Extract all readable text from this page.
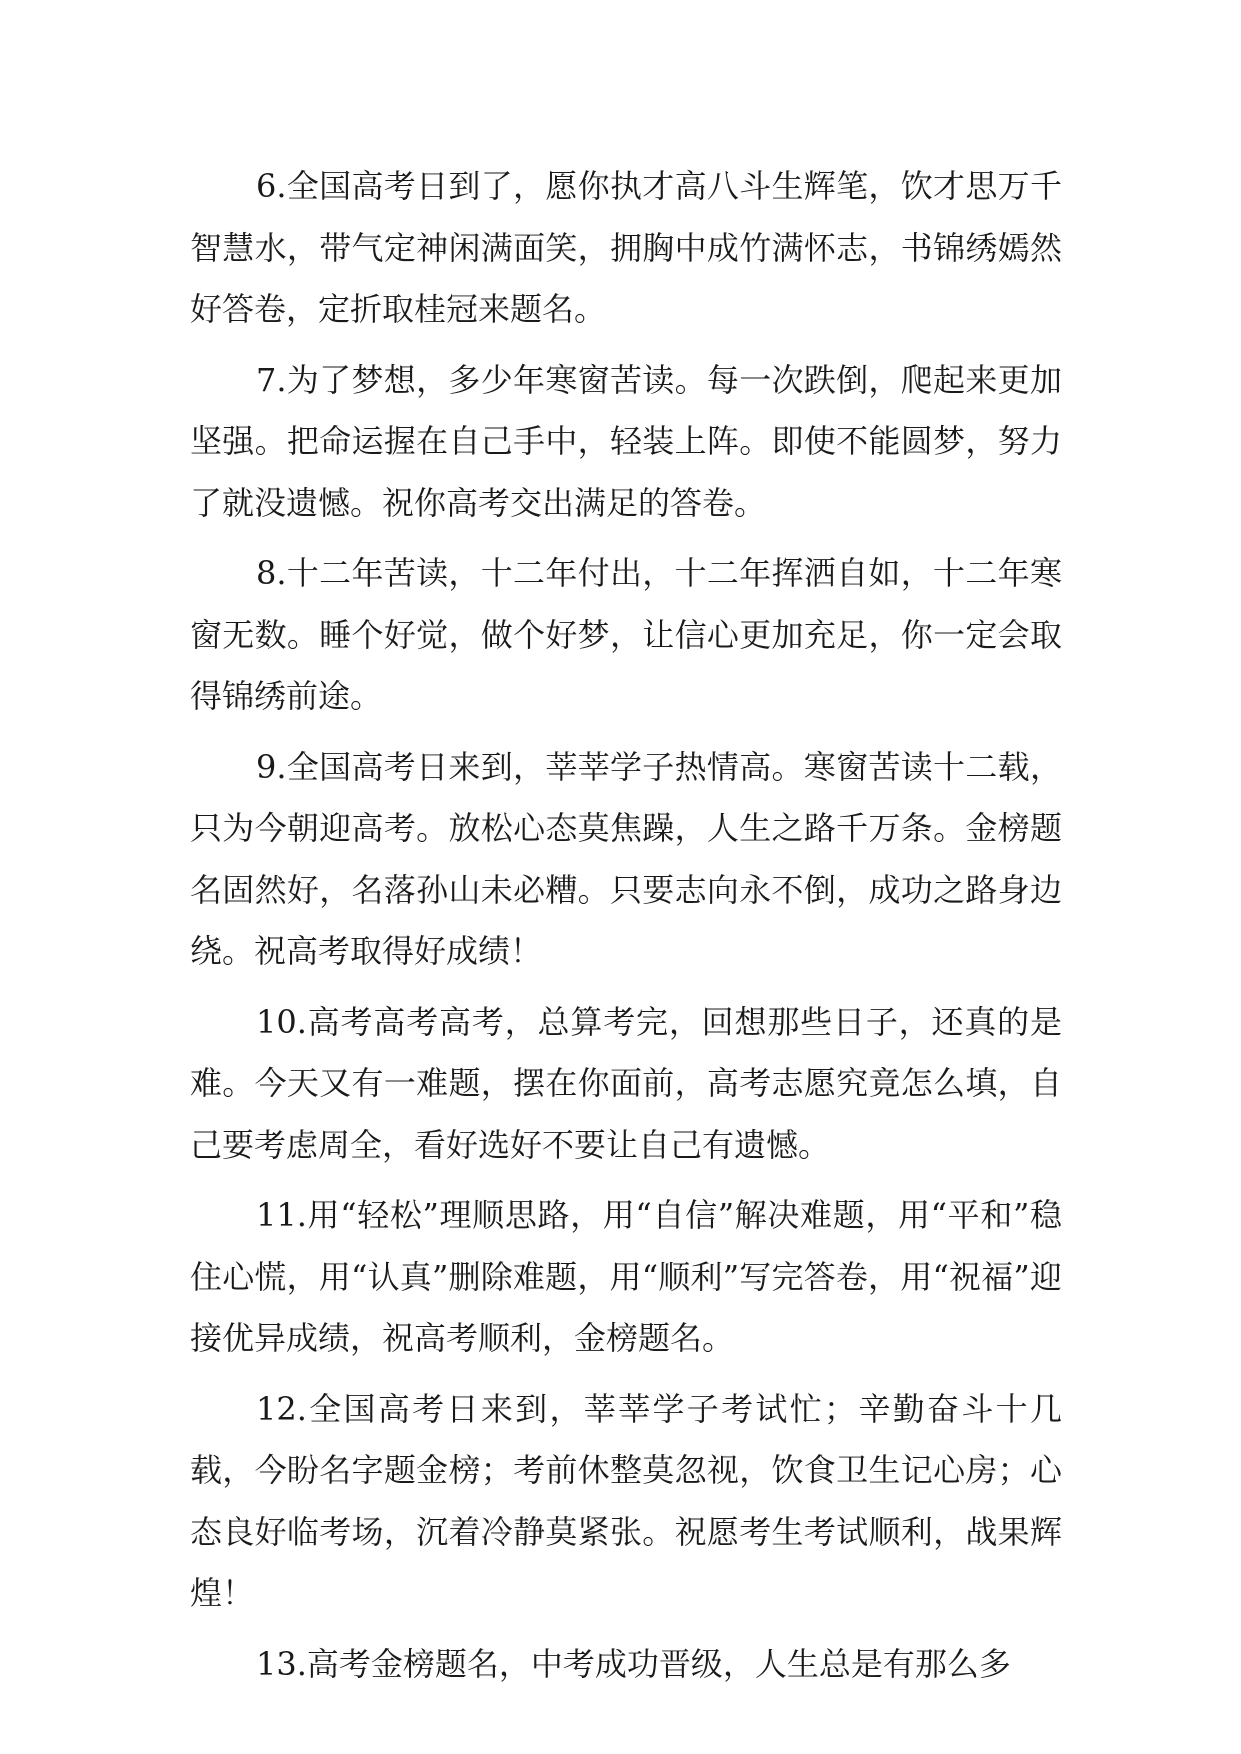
6.全国高考日到了，愿你执才高八斗生辉笔，饮才思万千智慧水，带气定神闲满面笑，拥胸中成竹满怀志，书锦绣嫣然好答卷，定折取桂冠来题名。

7.为了梦想，多少年寒窗苦读。每一次跌倒，爬起来更加坚强。把命运握在自己手中，轻装上阵。即使不能圆梦，努力了就没遗憾。祝你高考交出满足的答卷。

8.十二年苦读，十二年付出，十二年挥洒自如，十二年寒窗无数。睡个好觉，做个好梦，让信心更加充足，你一定会取得锦绣前途。

9.全国高考日来到，莘莘学子热情高。寒窗苦读十二载，只为今朝迎高考。放松心态莫焦躁，人生之路千万条。金榜题名固然好，名落孙山未必糟。只要志向永不倒，成功之路身边绕。祝高考取得好成绩！

10.高考高考高考，总算考完，回想那些日子，还真的是难。今天又有一难题，摆在你面前，高考志愿究竟怎么填，自己要考虑周全，看好选好不要让自己有遗憾。

11.用“轻松”理顺思路，用“自信”解决难题，用“平和”稳住心慌，用“认真”删除难题，用“顺利”写完答卷，用“祝福”迎接优异成绩，祝高考顺利，金榜题名。

12.全国高考日来到，莘莘学子考试忙；辛勤奋斗十几载，今盼名字题金榜；考前休整莫忽视，饮食卫生记心房；心态良好临考场，沉着冷静莫紧张。祝愿考生考试顺利，战果辉煌！

13.高考金榜题名，中考成功晋级，人生总是有那么多
